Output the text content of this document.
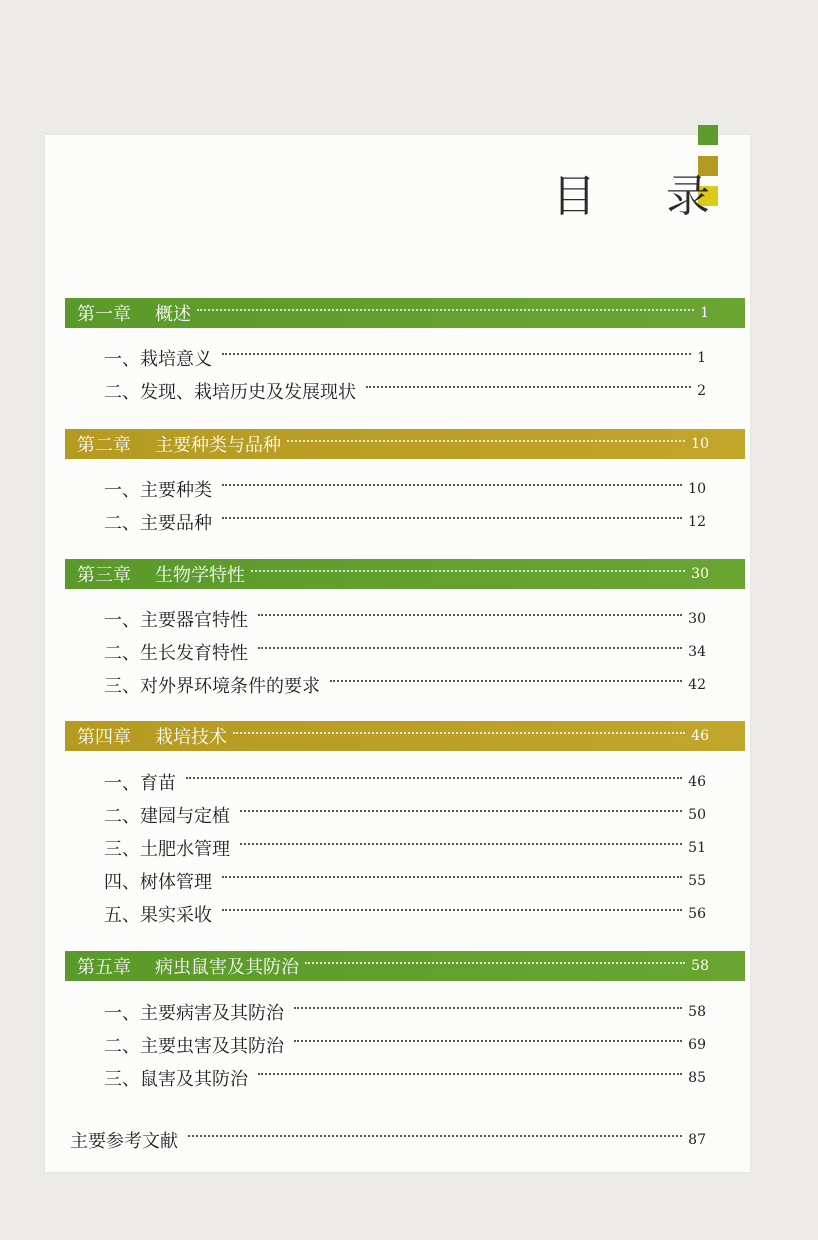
目 录
第一章 概述	1
一、栽培意义	1
二、发现、栽培历史及发展现状	2
第二章 主要种类与品种	10
一、主要种类	10
二、主要品种	12
第三章 生物学特性	30
一、主要器官特性	30
二、生长发育特性	34
三、对外界环境条件的要求	42
第四章 栽培技术	46
一、育苗	46
二、建园与定植	50
三、土肥水管理	51
四、树体管理	55
五、果实采收	56
第五章 病虫鼠害及其防治	58
一、主要病害及其防治	58
二、主要虫害及其防治	69
三、鼠害及其防治	85
主要参考文献	87
